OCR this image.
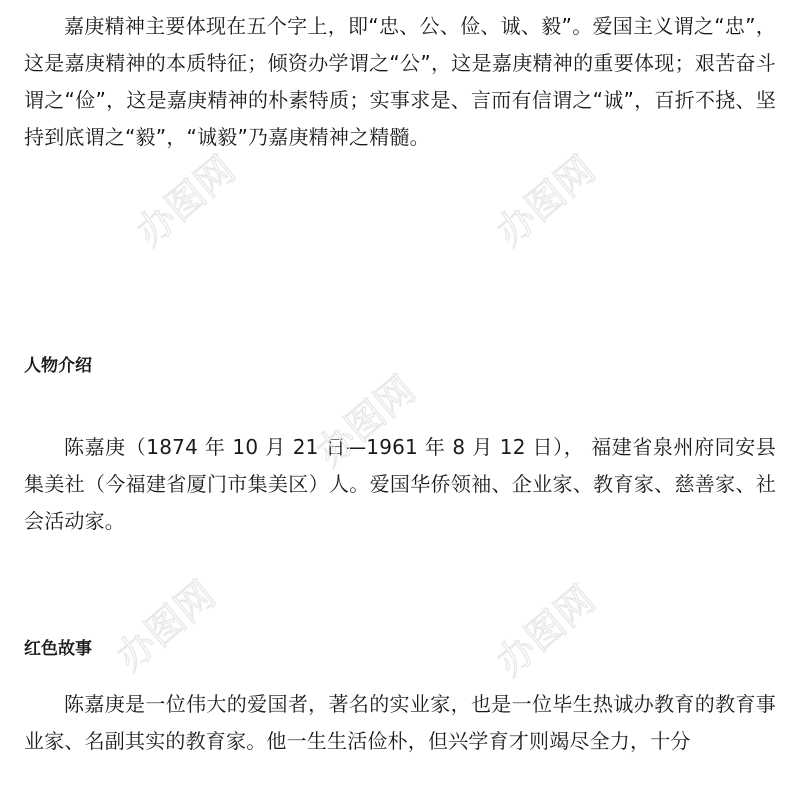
嘉庚精神主要体现在五个字上，即“忠、公、俭、诚、毅”。爱国主义谓之“忠”，这是嘉庚精神的本质特征；倾资办学谓之“公”，这是嘉庚精神的重要体现；艰苦奋斗谓之“俭”，这是嘉庚精神的朴素特质；实事求是、言而有信谓之“诚”，百折不挠、坚持到底谓之“毅”，“诚毅”乃嘉庚精神之精髓。

人物介绍

陈嘉庚（1874 年 10 月 21 日—1961 年 8 月 12 日）， 福建省泉州府同安县集美社（今福建省厦门市集美区）人。爱国华侨领袖、企业家、教育家、慈善家、社会活动家。

红色故事

陈嘉庚是一位伟大的爱国者，著名的实业家，也是一位毕生热诚办教育的教育事业家、名副其实的教育家。他一生生活俭朴，但兴学育才则竭尽全力，十分

办图网	办图网
办图网
办图网	办图网
